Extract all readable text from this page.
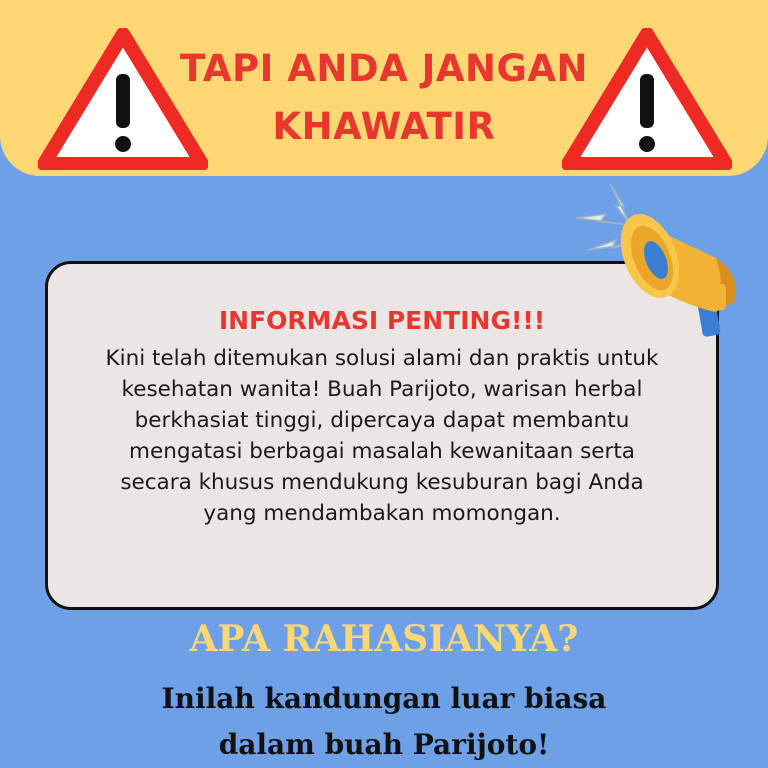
TAPI ANDA JANGAN
KHAWATIR
INFORMASI PENTING!!!
Kini telah ditemukan solusi alami dan praktis untuk
kesehatan wanita! Buah Parijoto, warisan herbal
berkhasiat tinggi, dipercaya dapat membantu
mengatasi berbagai masalah kewanitaan serta
secara khusus mendukung kesuburan bagi Anda
yang mendambakan momongan.
APA RAHASIANYA?
Inilah kandungan luar biasa
dalam buah Parijoto!
